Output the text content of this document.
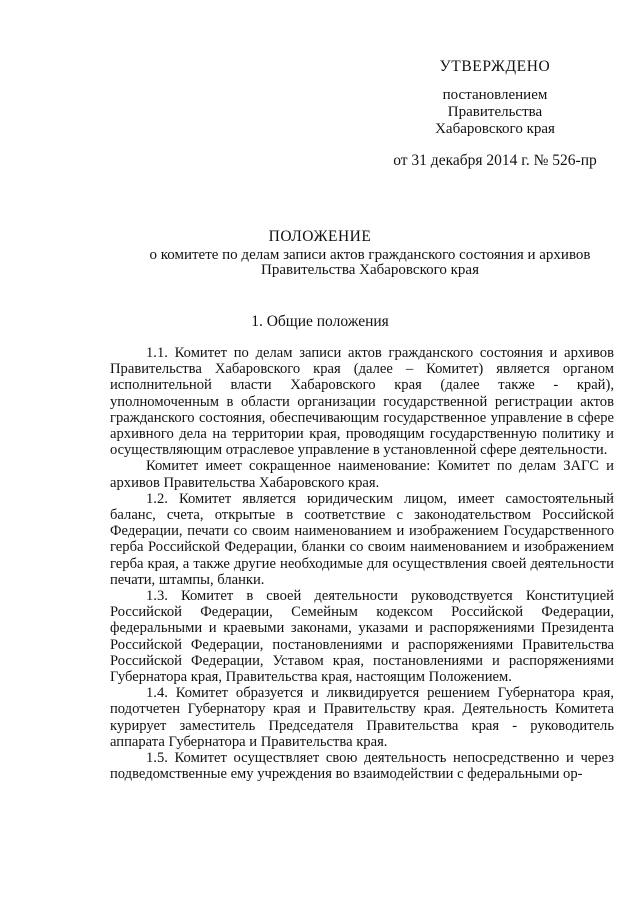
УТВЕРЖДЕНО
постановлением
Правительства
Хабаровского края
от 31 декабря 2014 г. № 526-пр
ПОЛОЖЕНИЕ
о комитете по делам записи актов гражданского состояния и архивов
Правительства Хабаровского края
1. Общие положения

1.1. Комитет по делам записи актов гражданского состояния и архивов Правительства Хабаровского края (далее – Комитет) является органом исполнительной власти Хабаровского края (далее также - край), уполномоченным в области организации государственной регистрации актов гражданского состояния, обеспечивающим государственное управление в сфере архивного дела на территории края, проводящим государственную политику и осуществляющим отраслевое управление в установленной сфере деятельности.

Комитет имеет сокращенное наименование: Комитет по делам ЗАГС и архивов Правительства Хабаровского края.

1.2. Комитет является юридическим лицом, имеет самостоятельный баланс, счета, открытые в соответствие с законодательством Российской Федерации, печати со своим наименованием и изображением Государственного герба Российской Федерации, бланки со своим наименованием и изображением герба края, а также другие необходимые для осуществления своей деятельности печати, штампы, бланки.

1.3. Комитет в своей деятельности руководствуется Конституцией Российской Федерации, Семейным кодексом Российской Федерации, федеральными и краевыми законами, указами и распоряжениями Президента Российской Федерации, постановлениями и распоряжениями Правительства Российской Федерации, Уставом края, постановлениями и распоряжениями Губернатора края, Правительства края, настоящим Положением.

1.4. Комитет образуется и ликвидируется решением Губернатора края, подотчетен Губернатору края и Правительству края. Деятельность Комитета курирует заместитель Председателя Правительства края - руководитель аппарата Губернатора и Правительства края.

1.5. Комитет осуществляет свою деятельность непосредственно и через подведомственные ему учреждения во взаимодействии с федеральными ор-
